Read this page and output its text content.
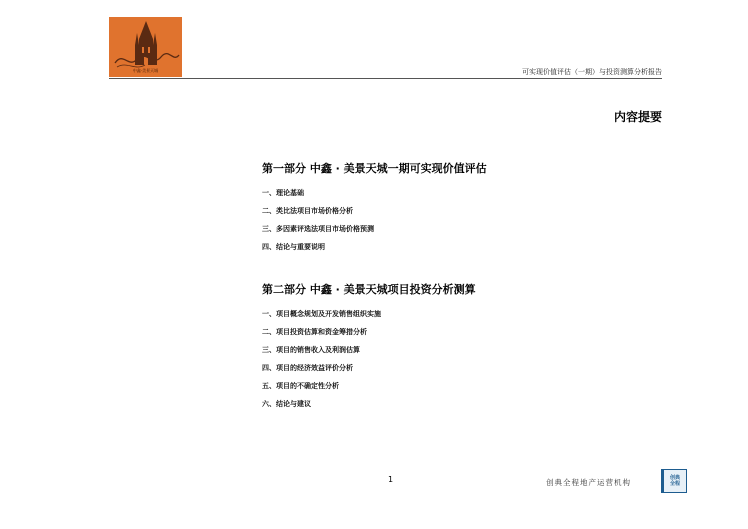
中鑫·美景天城	可实现价值评估（一期）与投资测算分析报告
内容提要
第一部分 中鑫 · 美景天城一期可实现价值评估
一、理论基础
二、类比法项目市场价格分析
三、多因素评选法项目市场价格预测
四、结论与重要说明
第二部分 中鑫 · 美景天城项目投资分析测算
一、项目概念规划及开发销售组织实施
二、项目投资估算和资金筹措分析
三、项目的销售收入及利润估算
四、项目的经济效益评价分析
五、项目的不确定性分析
六、结论与建议
1	创典全程地产运营机构	创典
全程
